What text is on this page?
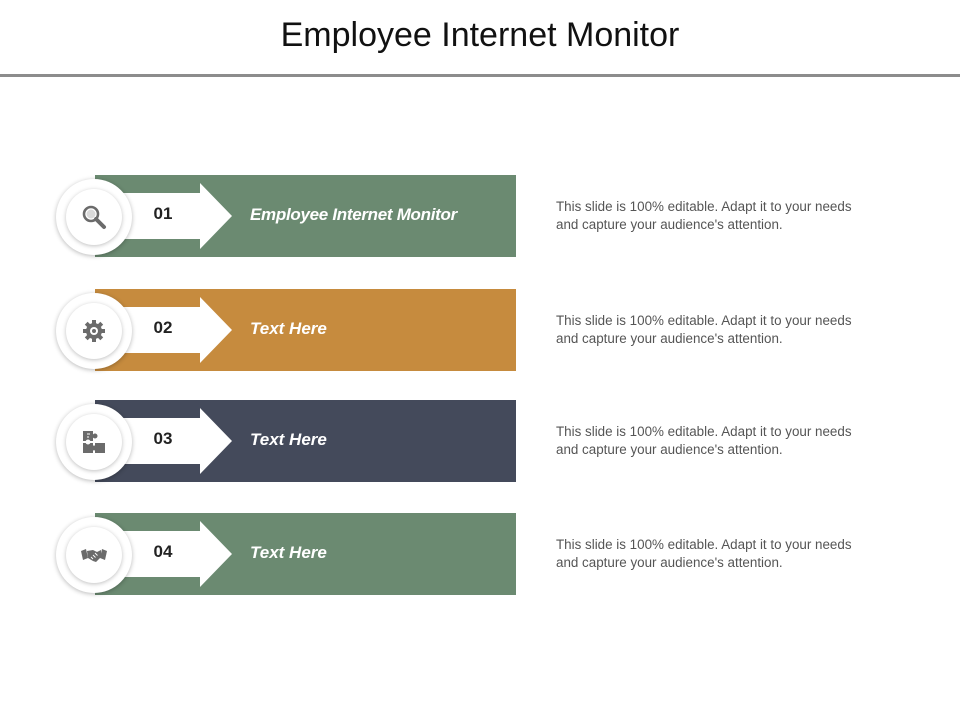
Employee Internet Monitor
01	Employee Internet Monitor	This slide is 100% editable. Adapt it to your needs
and capture your audience's attention.
02	Text Here	This slide is 100% editable. Adapt it to your needs
and capture your audience's attention.
03	Text Here	This slide is 100% editable. Adapt it to your needs
and capture your audience's attention.
04	Text Here	This slide is 100% editable. Adapt it to your needs
and capture your audience's attention.
